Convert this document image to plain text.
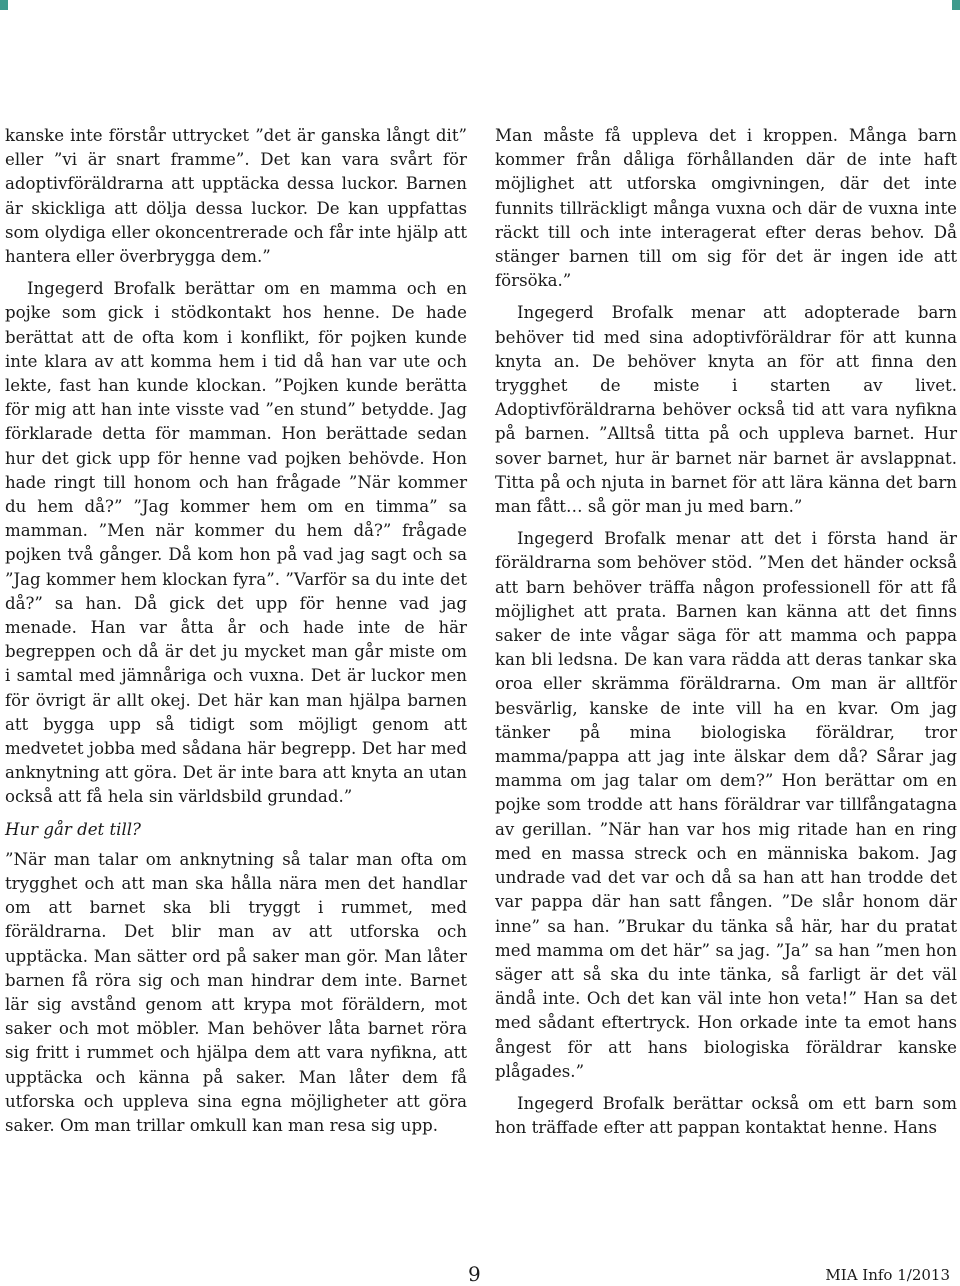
kanske inte förstår uttrycket ”det är ganska långt dit” eller ”vi är snart framme”. Det kan vara svårt för adoptivföräldrarna att upptäcka dessa luckor. Barnen är skickliga att dölja dessa luckor. De kan uppfattas som olydiga eller okoncentrerade och får inte hjälp att hantera eller överbrygga dem.”

Ingegerd Brofalk berättar om en mamma och en pojke som gick i stödkontakt hos henne. De hade berättat att de ofta kom i konflikt, för pojken kunde inte klara av att komma hem i tid då han var ute och lekte, fast han kunde klockan. ”Pojken kunde berätta för mig att han inte visste vad ”en stund” betydde. Jag förklarade detta för mamman. Hon berättade sedan hur det gick upp för henne vad pojken behövde. Hon hade ringt till honom och han frågade ”När kommer du hem då?” ”Jag kommer hem om en timma” sa mamman. ”Men när kommer du hem då?” frågade pojken två gånger. Då kom hon på vad jag sagt och sa ”Jag kommer hem klockan fyra”. ”Varför sa du inte det då?” sa han. Då gick det upp för henne vad jag menade. Han var åtta år och hade inte de här begreppen och då är det ju mycket man går miste om i samtal med jämnåriga och vuxna. Det är luckor men för övrigt är allt okej. Det här kan man hjälpa barnen att bygga upp så tidigt som möjligt genom att medvetet jobba med sådana här begrepp. Det har med anknytning att göra. Det är inte bara att knyta an utan också att få hela sin världsbild grundad.”

Hur går det till?

”När man talar om anknytning så talar man ofta om trygghet och att man ska hålla nära men det handlar om att barnet ska bli tryggt i rummet, med föräldrarna. Det blir man av att utforska och upptäcka. Man sätter ord på saker man gör. Man låter barnen få röra sig och man hindrar dem inte. Barnet lär sig avstånd genom att krypa mot föräldern, mot saker och mot möbler. Man behöver låta barnet röra sig fritt i rummet och hjälpa dem att vara nyfikna, att upptäcka och känna på saker. Man låter dem få utforska och uppleva sina egna möjligheter att göra saker. Om man trillar omkull kan man resa sig upp.

Man måste få uppleva det i kroppen. Många barn kommer från dåliga förhållanden där de inte haft möjlighet att utforska omgivningen, där det inte funnits tillräckligt många vuxna och där de vuxna inte räckt till och inte interagerat efter deras behov. Då stänger barnen till om sig för det är ingen ide att försöka.”

Ingegerd Brofalk menar att adopterade barn behöver tid med sina adoptivföräldrar för att kunna knyta an. De behöver knyta an för att finna den trygghet de miste i starten av livet. Adoptivföräldrarna behöver också tid att vara nyfikna på barnen. ”Alltså titta på och uppleva barnet. Hur sover barnet, hur är barnet när barnet är avslappnat. Titta på och njuta in barnet för att lära känna det barn man fått… så gör man ju med barn.”

Ingegerd Brofalk menar att det i första hand är föräldrarna som behöver stöd. ”Men det händer också att barn behöver träffa någon professionell för att få möjlighet att prata. Barnen kan känna att det finns saker de inte vågar säga för att mamma och pappa kan bli ledsna. De kan vara rädda att deras tankar ska oroa eller skrämma föräldrarna. Om man är alltför besvärlig, kanske de inte vill ha en kvar. Om jag tänker på mina biologiska föräldrar, tror mamma/pappa att jag inte älskar dem då? Sårar jag mamma om jag talar om dem?” Hon berättar om en pojke som trodde att hans föräldrar var tillfångatagna av gerillan. ”När han var hos mig ritade han en ring med en massa streck och en människa bakom. Jag undrade vad det var och då sa han att han trodde det var pappa där han satt fången. ”De slår honom där inne” sa han. ”Brukar du tänka så här, har du pratat med mamma om det här” sa jag. ”Ja” sa han ”men hon säger att så ska du inte tänka, så farligt är det väl ändå inte. Och det kan väl inte hon veta!” Han sa det med sådant eftertryck. Hon orkade inte ta emot hans ångest för att hans biologiska föräldrar kanske plågades.”

Ingegerd Brofalk berättar också om ett barn som hon träffade efter att pappan kontaktat henne. Hans

9	MIA Info 1/2013
